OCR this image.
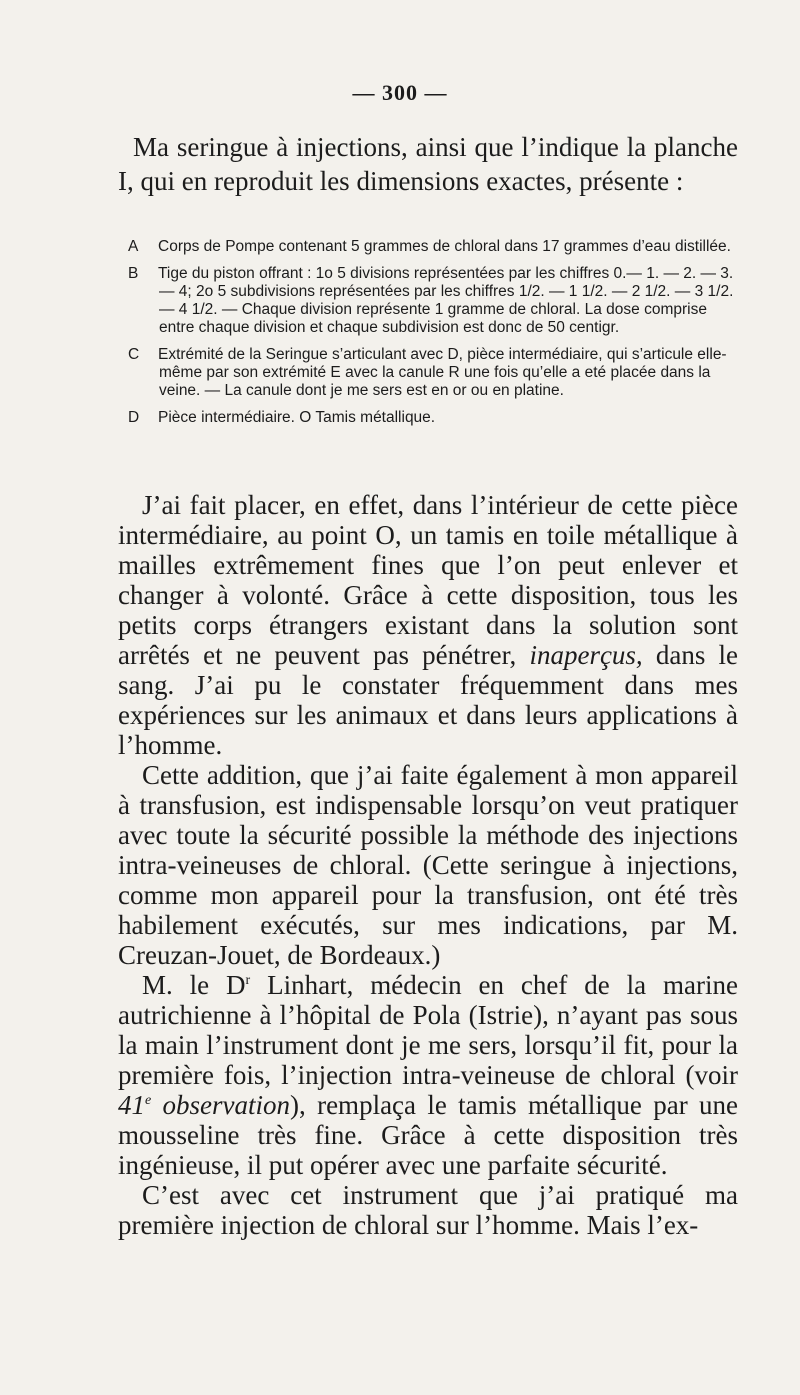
— 300 —

Ma seringue à injections, ainsi que l’indique la planche I, qui en reproduit les dimensions exactes, présente :

A Corps de Pompe contenant 5 grammes de chloral dans 17 grammes d’eau distillée.
B Tige du piston offrant : 1o 5 divisions représentées par les chiffres 0.— 1. — 2. — 3. — 4; 2o 5 subdivisions représentées par les chiffres 1/2. — 1 1/2. — 2 1/2. — 3 1/2. — 4 1/2. — Chaque division représente 1 gramme de chloral. La dose comprise entre chaque division et chaque subdivision est donc de 50 centigr.
C Extrémité de la Seringue s’articulant avec D, pièce intermédiaire, qui s’articule elle-même par son extrémité E avec la canule R une fois qu’elle a eté placée dans la veine. — La canule dont je me sers est en or ou en platine.
D Pièce intermédiaire. O Tamis métallique.

J’ai fait placer, en effet, dans l’intérieur de cette pièce intermédiaire, au point O, un tamis en toile métallique à mailles extrêmement fines que l’on peut enlever et changer à volonté. Grâce à cette disposition, tous les petits corps étrangers existant dans la solution sont arrêtés et ne peuvent pas pénétrer, inaperçus, dans le sang. J’ai pu le constater fréquemment dans mes expériences sur les animaux et dans leurs applications à l’homme.

Cette addition, que j’ai faite également à mon appareil à transfusion, est indispensable lorsqu’on veut pratiquer avec toute la sécurité possible la méthode des injections intra-veineuses de chloral. (Cette seringue à injections, comme mon appareil pour la transfusion, ont été très habilement exécutés, sur mes indications, par M. Creuzan-Jouet, de Bordeaux.)

M. le $D^r$ Linhart, médecin en chef de la marine autrichienne à l’hôpital de Pola (Istrie), n’ayant pas sous la main l’instrument dont je me sers, lorsqu’il fit, pour la première fois, l’injection intra-veineuse de chloral (voir 41e observation), remplaça le tamis métallique par une mousseline très fine. Grâce à cette disposition très ingénieuse, il put opérer avec une parfaite sécurité.

C’est avec cet instrument que j’ai pratiqué ma première injection de chloral sur l’homme. Mais l’ex-
